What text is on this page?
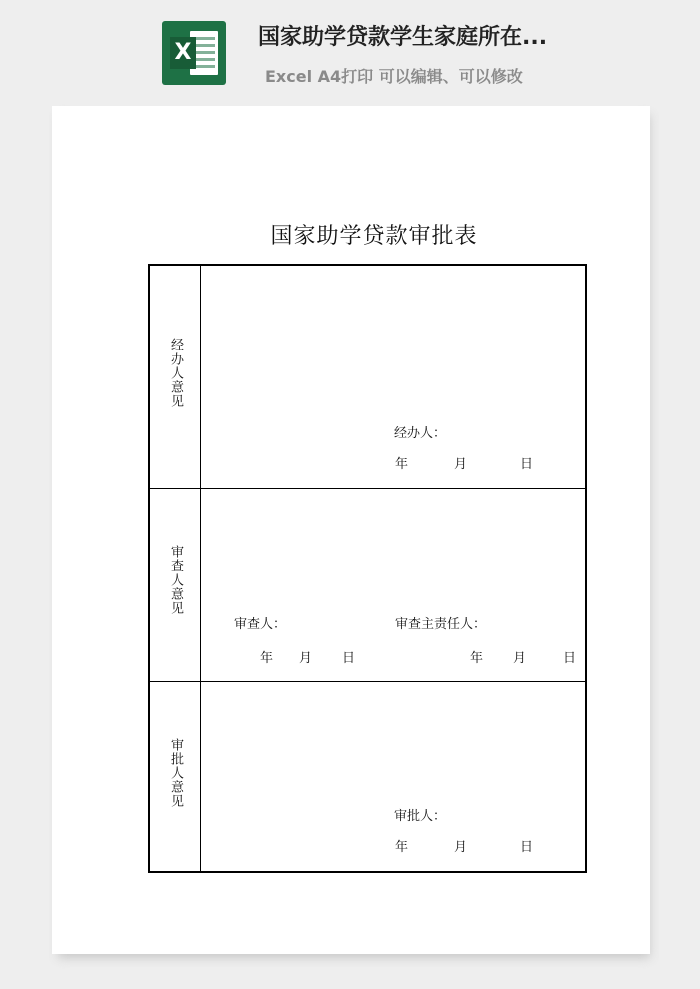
X
国家助学贷款学生家庭所在...
Excel A4打印 可以编辑、可以修改
国家助学贷款审批表
经办人意见
经办人：
年	月	日
审查人意见
审查人：
年 月 日
审查主责任人：
年 月	日
审批人意见
审批人：
年	月	日
